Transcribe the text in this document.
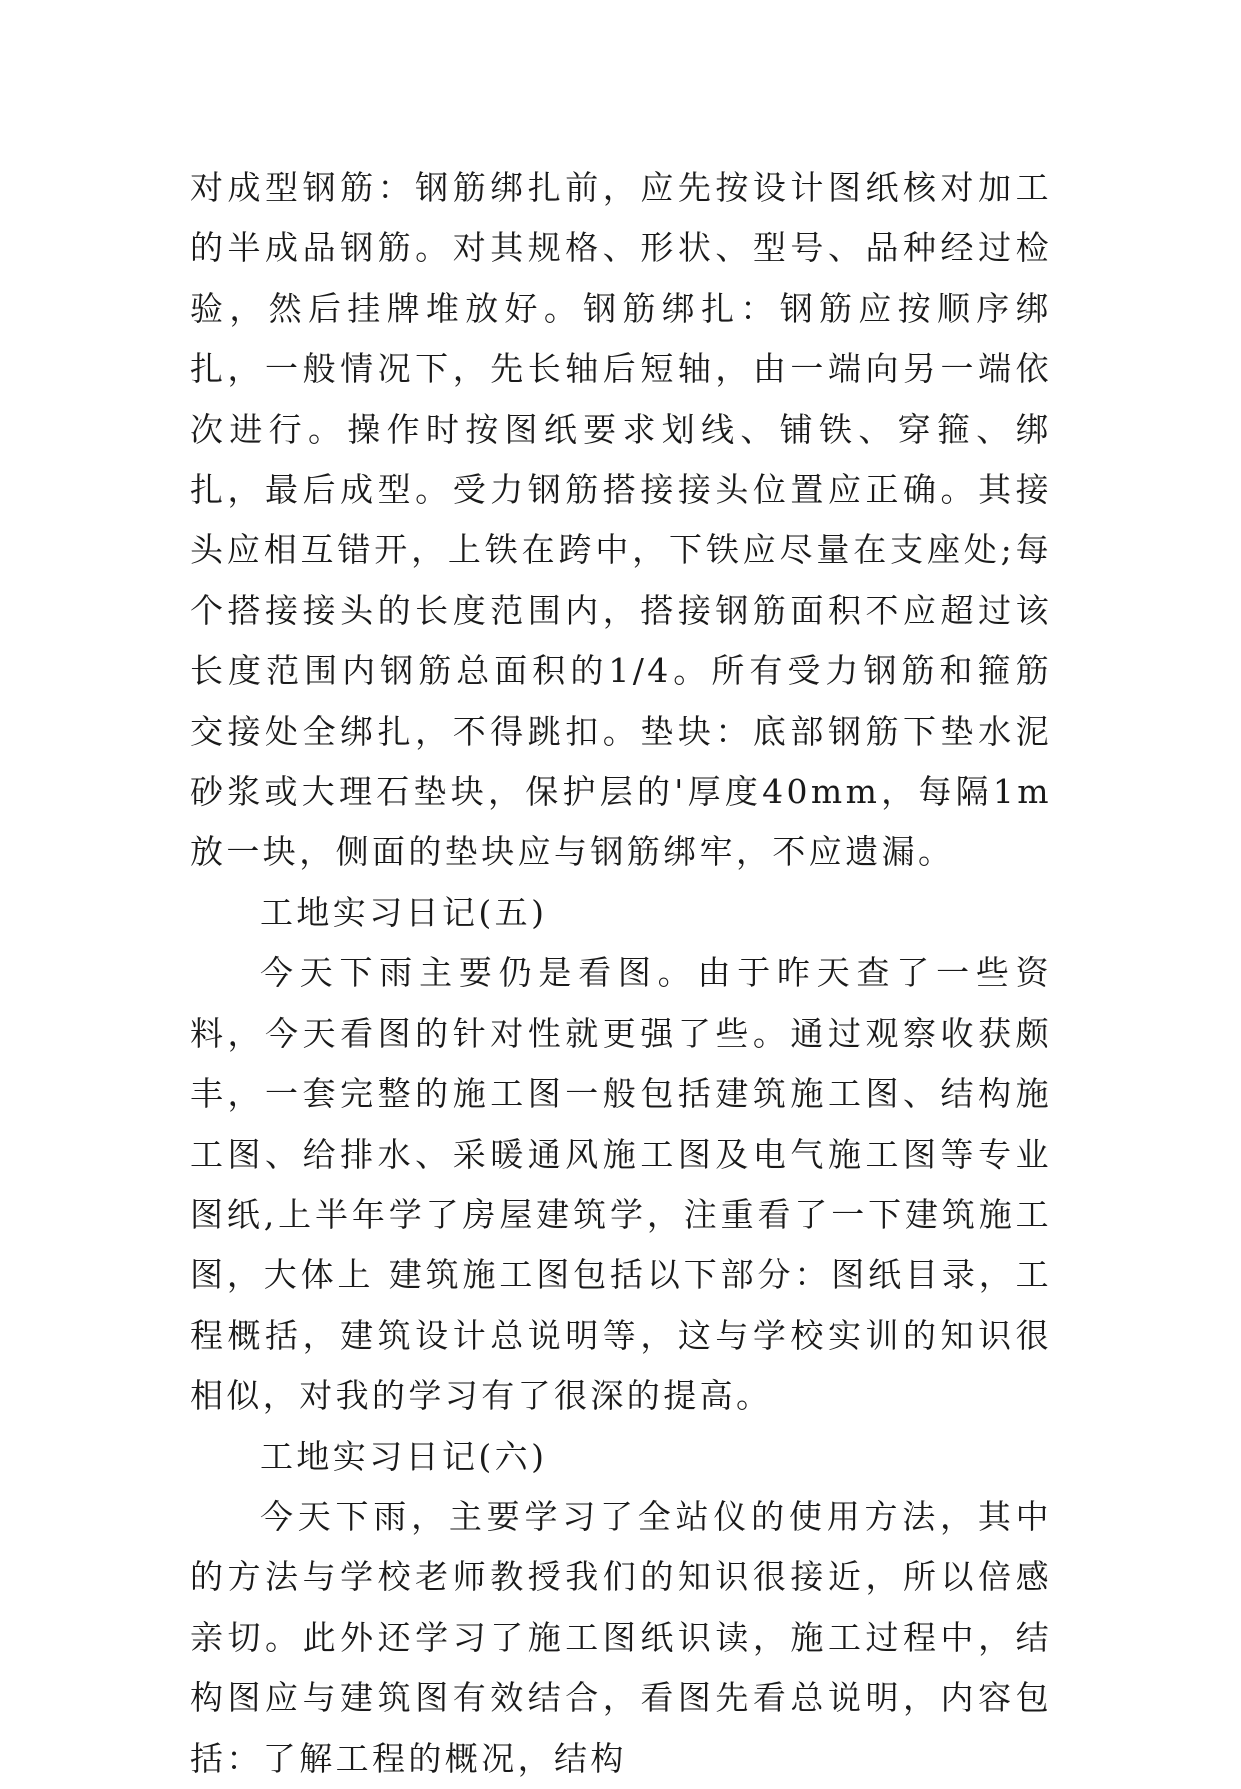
对成型钢筋：钢筋绑扎前，应先按设计图纸核对加工的半成品钢筋。对其规格、形状、型号、品种经过检验，然后挂牌堆放好。钢筋绑扎：钢筋应按顺序绑扎，一般情况下，先长轴后短轴，由一端向另一端依次进行。操作时按图纸要求划线、铺铁、穿箍、绑扎，最后成型。受力钢筋搭接接头位置应正确。其接头应相互错开，上铁在跨中，下铁应尽量在支座处;每个搭接接头的长度范围内，搭接钢筋面积不应超过该长度范围内钢筋总面积的1/4。所有受力钢筋和箍筋交接处全绑扎，不得跳扣。垫块：底部钢筋下垫水泥砂浆或大理石垫块，保护层的'厚度40mm，每隔1m放一块，侧面的垫块应与钢筋绑牢，不应遗漏。

工地实习日记(五)

今天下雨主要仍是看图。由于昨天查了一些资料，今天看图的针对性就更强了些。通过观察收获颇丰，一套完整的施工图一般包括建筑施工图、结构施工图、给排水、采暖通风施工图及电气施工图等专业图纸,上半年学了房屋建筑学，注重看了一下建筑施工图，大体上 建筑施工图包括以下部分：图纸目录，工程概括，建筑设计总说明等，这与学校实训的知识很相似，对我的学习有了很深的提高。

工地实习日记(六)

今天下雨，主要学习了全站仪的使用方法，其中的方法与学校老师教授我们的知识很接近，所以倍感亲切。此外还学习了施工图纸识读，施工过程中，结构图应与建筑图有效结合，看图先看总说明，内容包括：了解工程的概况，结构
